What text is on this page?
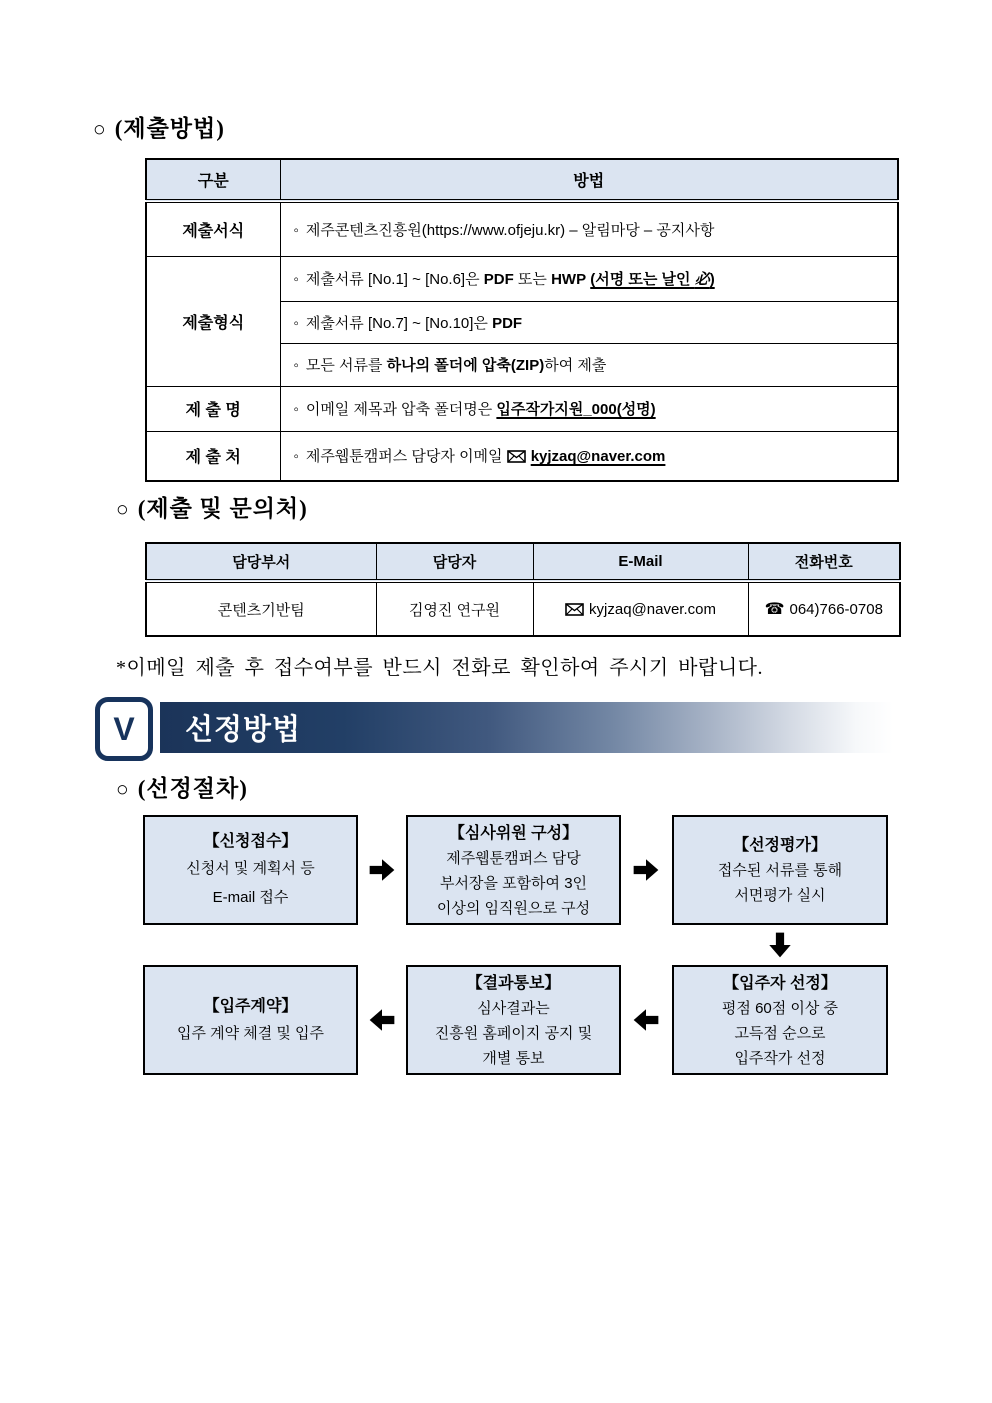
○ (제출방법)
구분	방법
제출서식	◦ 제주콘텐츠진흥원(https://www.ofjeju.kr) – 알림마당 – 공지사항
제출형식	◦ 제출서류 [No.1] ~ [No.6]은 PDF 또는 HWP (서명 또는 날인 必)
	◦ 제출서류 [No.7] ~ [No.10]은 PDF
	◦ 모든 서류를 하나의 폴더에 압축(ZIP)하여 제출
제 출 명	◦ 이메일 제목과 압축 폴더명은 입주작가지원_000(성명)
제 출 처	◦ 제주웹툰캠퍼스 담당자 이메일 kyjzaq@naver.com
○ (제출 및 문의처)
담당부서	담당자	E-Mail	전화번호
콘텐츠기반팀	김영진 연구원	kyjzaq@naver.com	☎ 064)766-0708
*이메일 제출 후 접수여부를 반드시 전화로 확인하여 주시기 바랍니다.
V	선정방법
○ (선정절차)
【신청접수】
신청서 및 계획서 등
E-mail 접수
【심사위원 구성】
제주웹툰캠퍼스 담당
부서장을 포함하여 3인
이상의 임직원으로 구성
【선정평가】
접수된 서류를 통해
서면평가 실시
【입주계약】
입주 계약 체결 및 입주
【결과통보】
심사결과는
진흥원 홈페이지 공지 및
개별 통보
【입주자 선정】
평점 60점 이상 중
고득점 순으로
입주작가 선정
